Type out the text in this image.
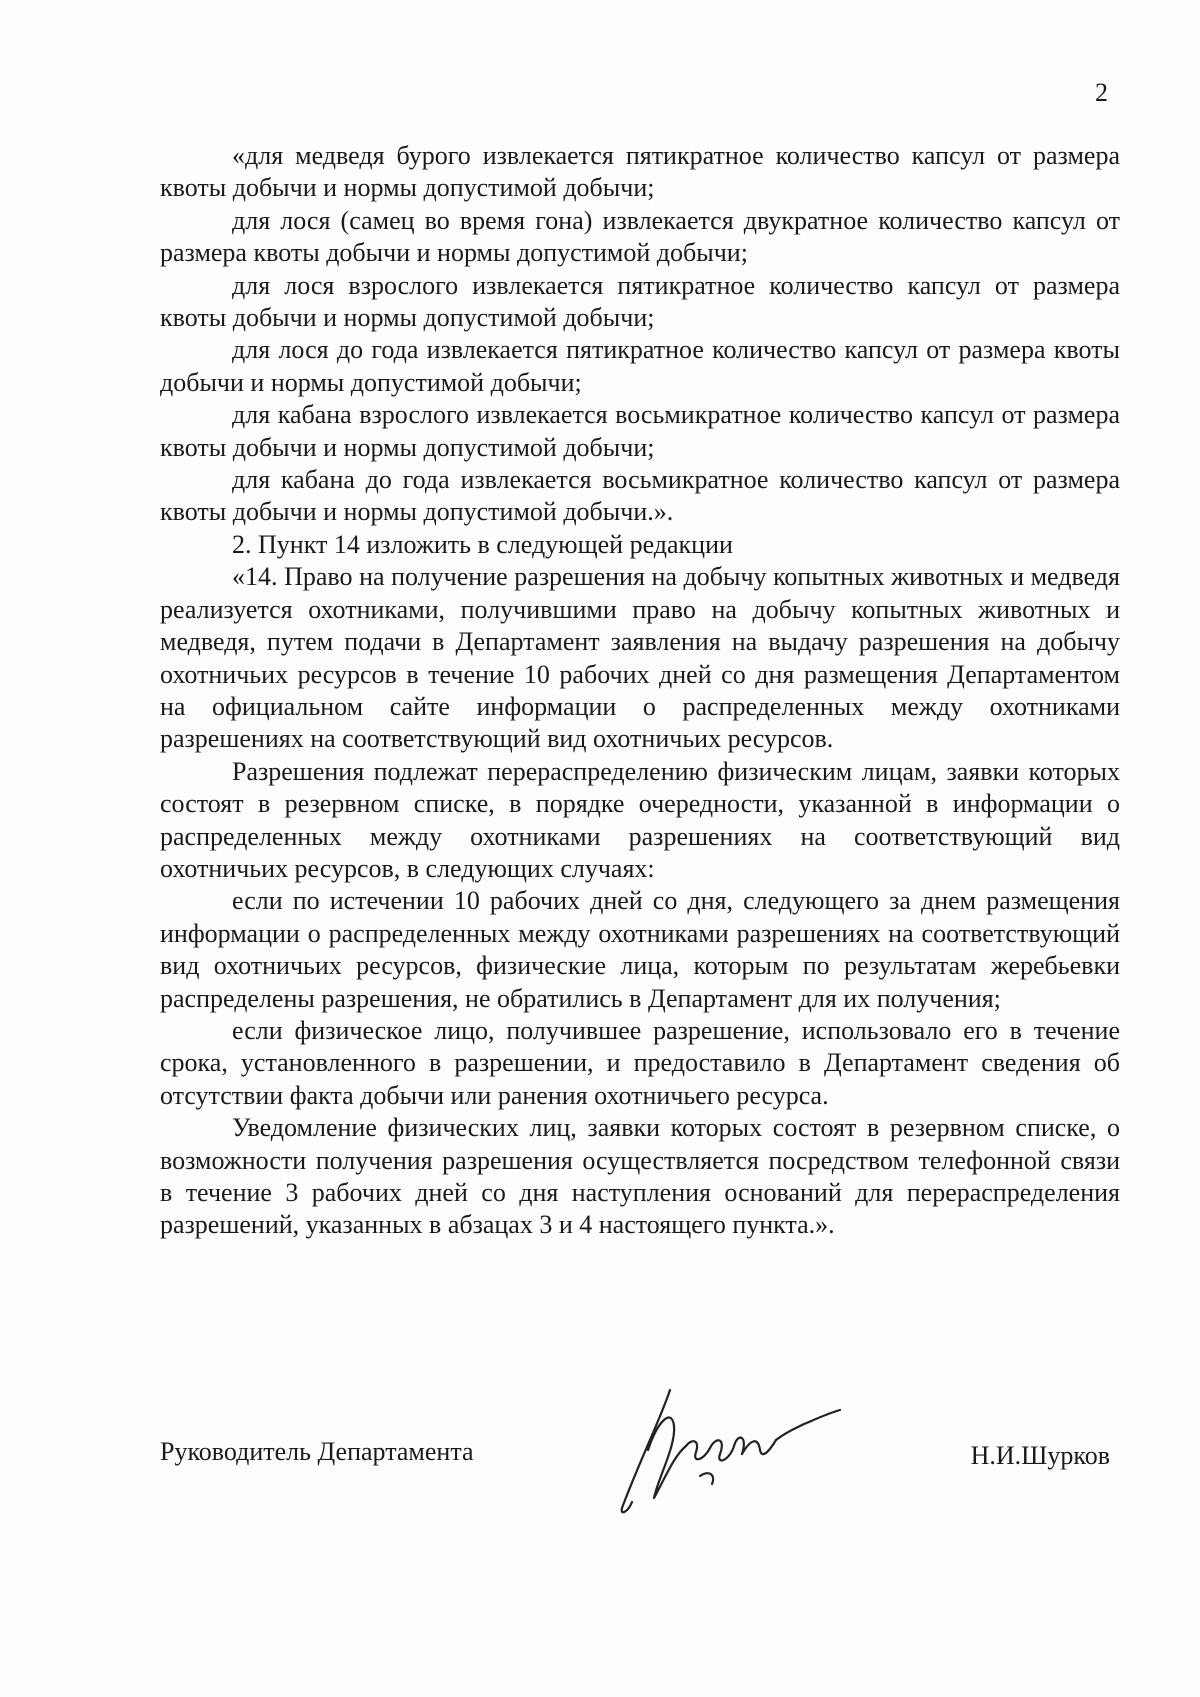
2

«для медведя бурого извлекается пятикратное количество капсул от размера квоты добычи и нормы допустимой добычи;

для лося (самец во время гона) извлекается двукратное количество капсул от размера квоты добычи и нормы допустимой добычи;

для лося взрослого извлекается пятикратное количество капсул от размера квоты добычи и нормы допустимой добычи;

для лося до года извлекается пятикратное количество капсул от размера квоты добычи и нормы допустимой добычи;

для кабана взрослого извлекается восьмикратное количество капсул от размера квоты добычи и нормы допустимой добычи;

для кабана до года извлекается восьмикратное количество капсул от размера квоты добычи и нормы допустимой добычи.».

2. Пункт 14 изложить в следующей редакции

«14. Право на получение разрешения на добычу копытных животных и медведя реализуется охотниками, получившими право на добычу копытных животных и медведя, путем подачи в Департамент заявления на выдачу разрешения на добычу охотничьих ресурсов в течение 10 рабочих дней со дня размещения Департаментом на официальном сайте информации о распределенных между охотниками разрешениях на соответствующий вид охотничьих ресурсов.

Разрешения подлежат перераспределению физическим лицам, заявки которых состоят в резервном списке, в порядке очередности, указанной в информации о распределенных между охотниками разрешениях на соответствующий вид охотничьих ресурсов, в следующих случаях:

если по истечении 10 рабочих дней со дня, следующего за днем размещения информации о распределенных между охотниками разрешениях на соответствующий вид охотничьих ресурсов, физические лица, которым по результатам жеребьевки распределены разрешения, не обратились в Департамент для их получения;

если физическое лицо, получившее разрешение, использовало его в течение срока, установленного в разрешении, и предоставило в Департамент сведения об отсутствии факта добычи или ранения охотничьего ресурса.

Уведомление физических лиц, заявки которых состоят в резервном списке, о возможности получения разрешения осуществляется посредством телефонной связи в течение 3 рабочих дней со дня наступления оснований для перераспределения разрешений, указанных в абзацах 3 и 4 настоящего пункта.».

Руководитель Департамента	Н.И.Шурков
